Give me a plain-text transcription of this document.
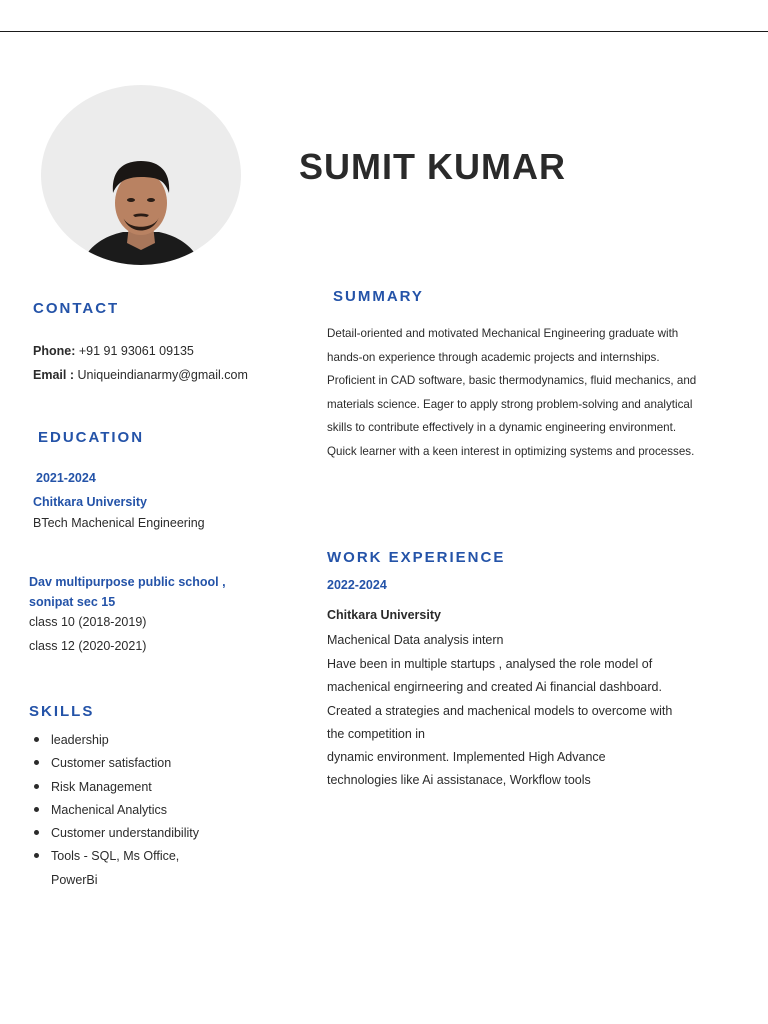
SUMIT KUMAR
CONTACT
Phone: +91 91 93061 09135
Email : Uniqueindianarmy@gmail.com
EDUCATION
2021-2024
Chitkara University
BTech Machenical Engineering
Dav multipurpose public school ,
sonipat sec 15
class 10 (2018-2019)
class 12 (2020-2021)
SKILLS
leadership
Customer satisfaction
Risk Management
Machenical Analytics
Customer understandibility
Tools - SQL, Ms Office,
PowerBi
SUMMARY
Detail-oriented and motivated Mechanical Engineering graduate with
hands-on experience through academic projects and internships.
Proficient in CAD software, basic thermodynamics, fluid mechanics, and
materials science. Eager to apply strong problem-solving and analytical
skills to contribute effectively in a dynamic engineering environment.
Quick learner with a keen interest in optimizing systems and processes.
WORK EXPERIENCE
2022-2024
Chitkara University
Machenical Data analysis intern
Have been in multiple startups , analysed the role model of
machenical engirneering and created Ai financial dashboard.
Created a strategies and machenical models to overcome with
the competition in
dynamic environment. Implemented High Advance
technologies like Ai assistanace, Workflow tools
